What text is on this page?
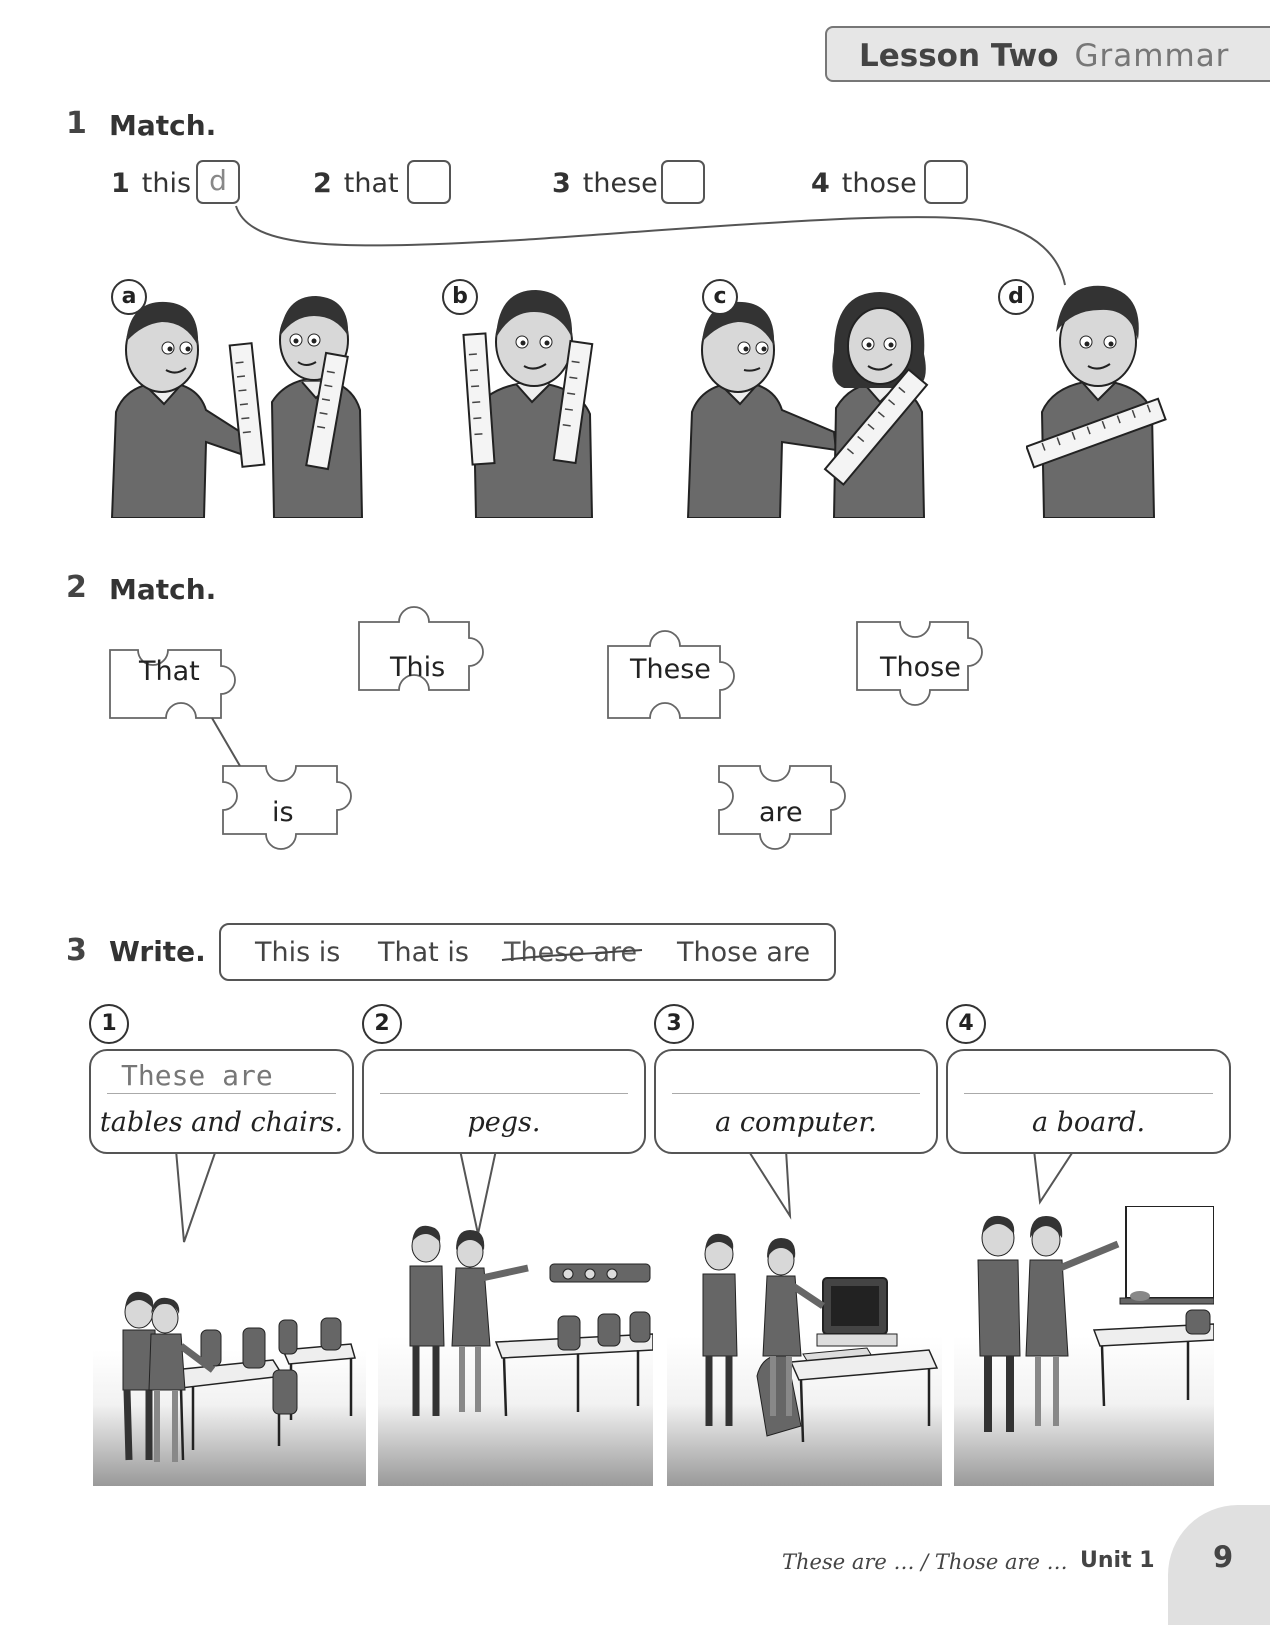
Lesson Two Grammar
1 Match.
1 this d	2 that	3 these	4 those
a	b	c	d
2 Match.
That	This	These	Those
is	are
3 Write. This is That is These are Those are
1	2	3	4
These are
tables and chairs.	pegs.	a computer.	a board.
These are … / Those are … Unit 1 9
